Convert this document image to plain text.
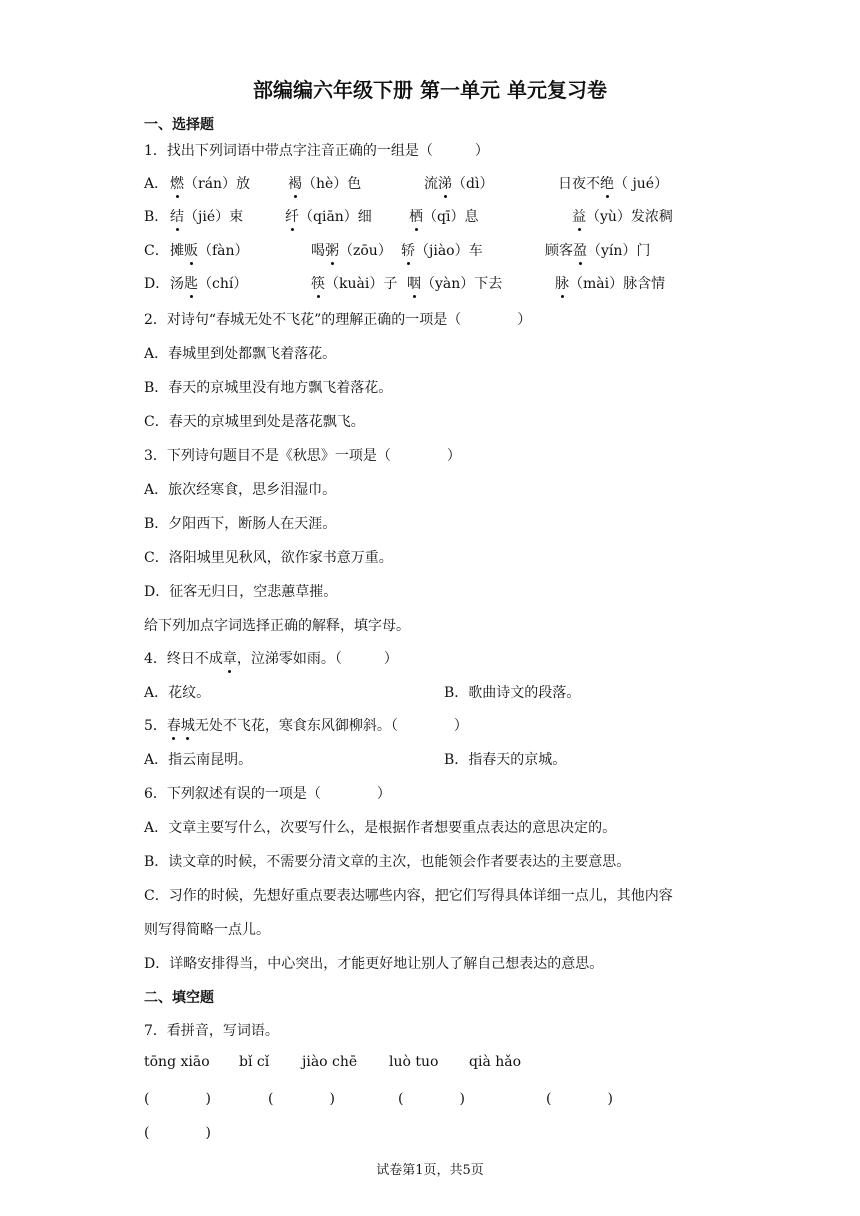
部编编六年级下册 第一单元 单元复习卷
一、选择题
1．找出下列词语中带点字注音正确的一组是（　　　）
A． 燃（rán）放	褐（hè）色	流涕（dì）	日夜不绝（ jué）
B． 结（jié）束	纤（qiān）细	栖（qī）息	益（yù）发浓稠
C． 摊贩（fàn）	喝粥（zōu） 轿（jiào）车	顾客盈（yín）门
D． 汤匙（chí）	筷（kuài）子 咽（yàn）下去	脉（mài）脉含情
2．对诗句“春城无处不飞花”的理解正确的一项是（　　　　）
A．春城里到处都飘飞着落花。
B．春天的京城里没有地方飘飞着落花。
C．春天的京城里到处是落花飘飞。
3．下列诗句题目不是《秋思》一项是（　　　　）
A．旅次经寒食，思乡泪湿巾。
B．夕阳西下，断肠人在天涯。
C．洛阳城里见秋风，欲作家书意万重。
D．征客无归日，空悲蕙草摧。
给下列加点字词选择正确的解释，填字母。
4．终日不成章，泣涕零如雨。（　　　）
A．花纹。	B．歌曲诗文的段落。
5．春城无处不飞花，寒食东风御柳斜。（　　　　）
A．指云南昆明。	B．指春天的京城。
6．下列叙述有误的一项是（　　　　）
A．文章主要写什么，次要写什么，是根据作者想要重点表达的意思决定的。
B．读文章的时候，不需要分清文章的主次，也能领会作者要表达的主要意思。
C．习作的时候，先想好重点要表达哪些内容，把它们写得具体详细一点儿，其他内容
则写得简略一点儿。
D．详略安排得当，中心突出，才能更好地让别人了解自己想表达的意思。
二、填空题
7．看拼音，写词语。
tōng xiāo bǐ cǐ jiào chē luò tuo qià hǎo
(　　　　)	(　　　　)	(　　　　)	(　　　　)
(　　　　)
试卷第1页，共5页
